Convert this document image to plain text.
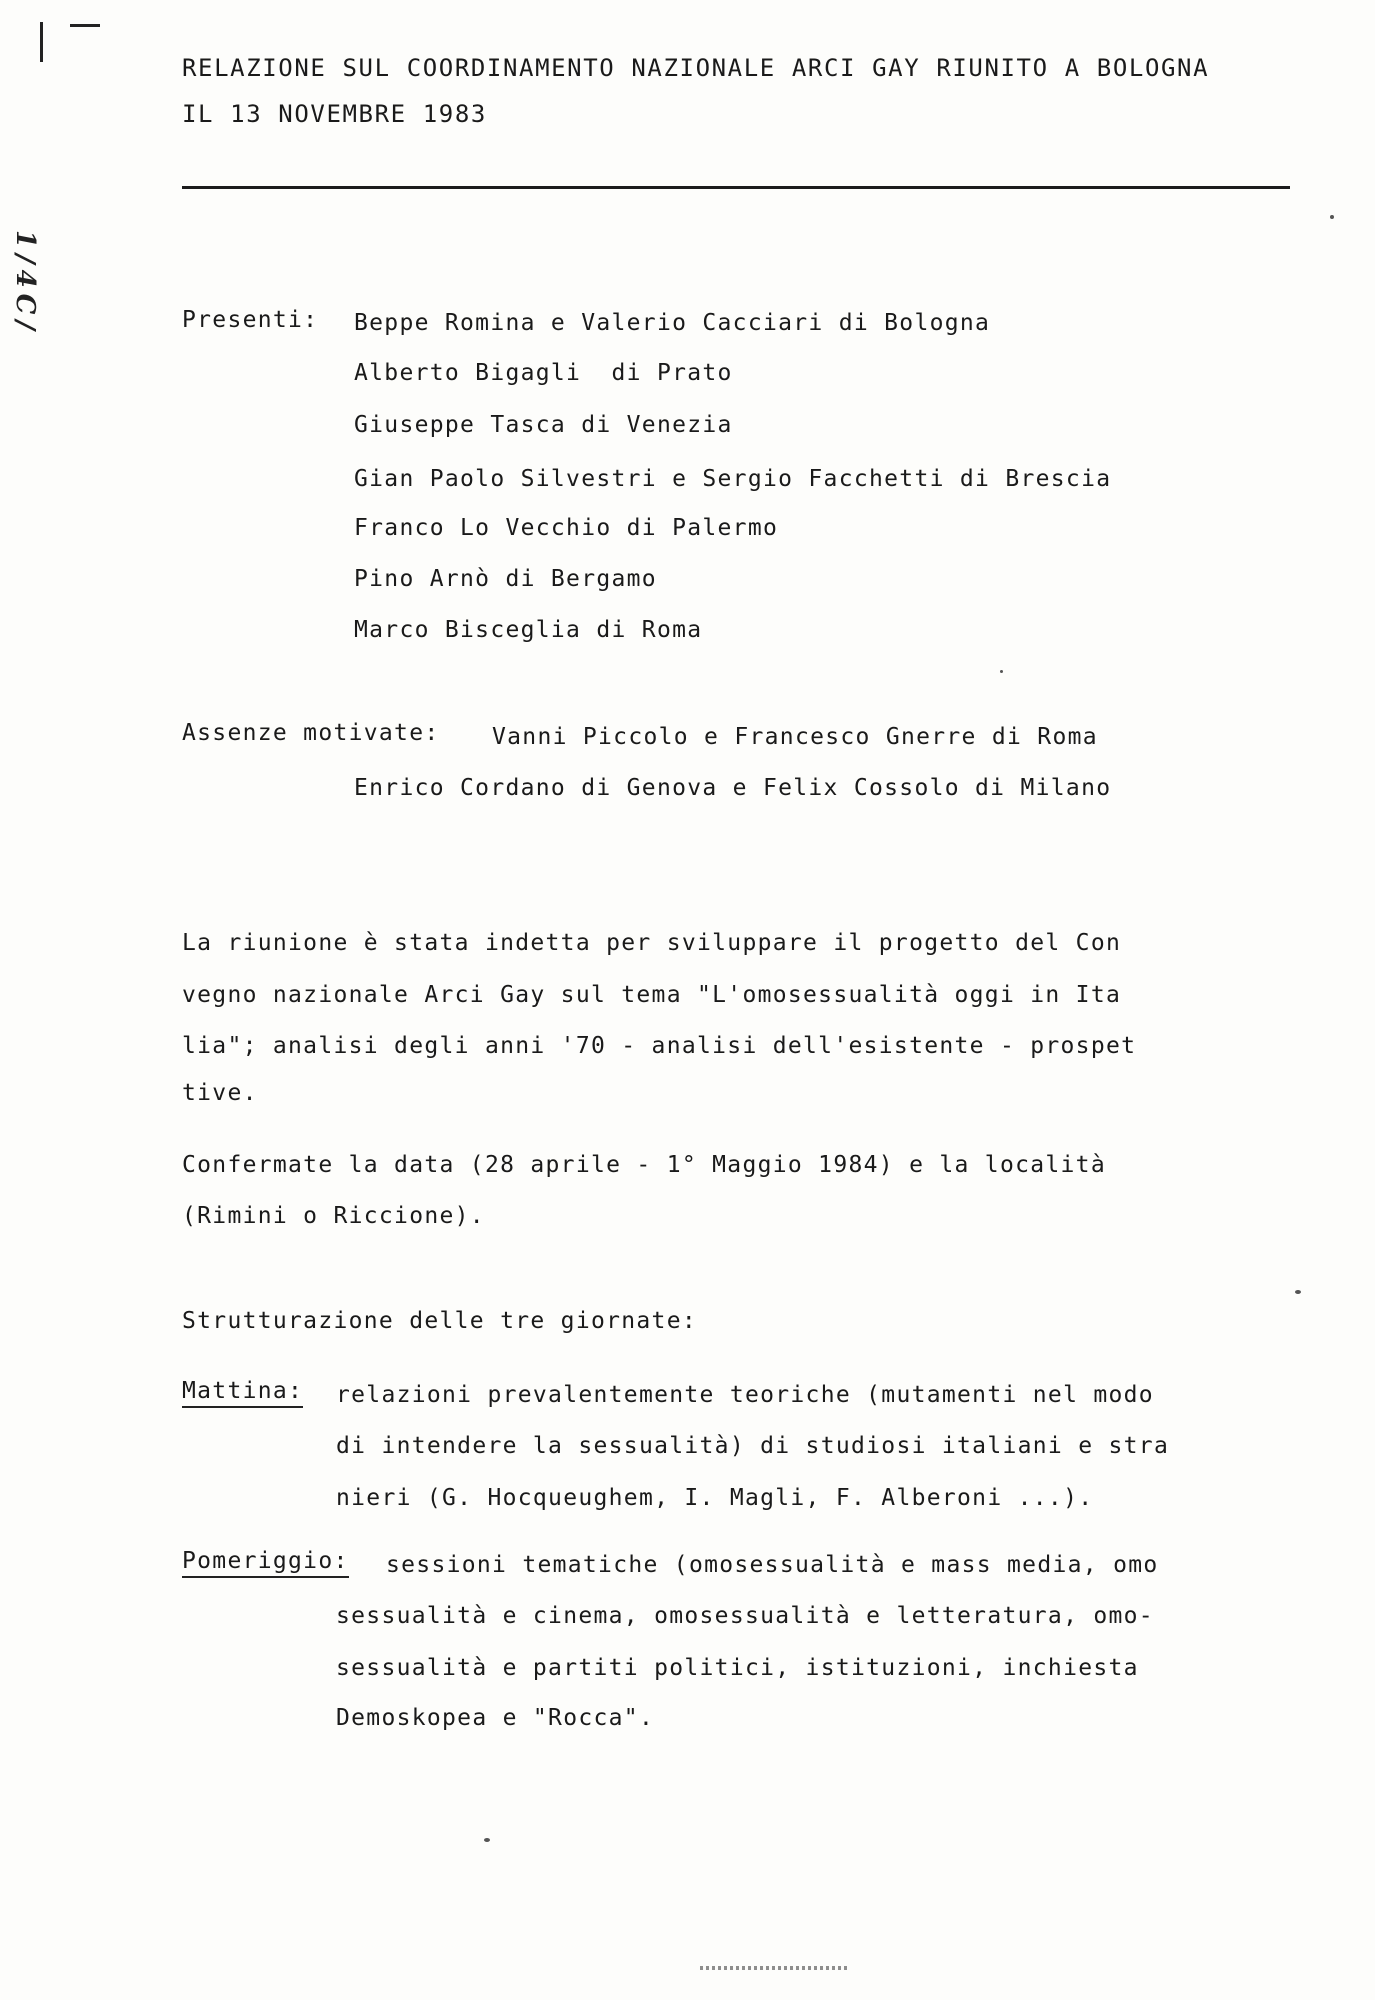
1/4C/
RELAZIONE SUL COORDINAMENTO NAZIONALE ARCI GAY RIUNITO A BOLOGNA
IL 13 NOVEMBRE 1983
Presenti: Beppe Romina e Valerio Cacciari di Bologna
Alberto Bigagli  di Prato
Giuseppe Tasca di Venezia
Gian Paolo Silvestri e Sergio Facchetti di Brescia
Franco Lo Vecchio di Palermo
Pino Arnò di Bergamo
Marco Bisceglia di Roma
Assenze motivate: Vanni Piccolo e Francesco Gnerre di Roma
Enrico Cordano di Genova e Felix Cossolo di Milano
La riunione è stata indetta per sviluppare il progetto del Con
vegno nazionale Arci Gay sul tema "L'omosessualità oggi in Ita
lia"; analisi degli anni '70 - analisi dell'esistente - prospet
tive.
Confermate la data (28 aprile - 1° Maggio 1984) e la località
(Rimini o Riccione).
Strutturazione delle tre giornate:
Mattina: relazioni prevalentemente teoriche (mutamenti nel modo
di intendere la sessualità) di studiosi italiani e stra
nieri (G. Hocqueughem, I. Magli, F. Alberoni ...).
Pomeriggio: sessioni tematiche (omosessualità e mass media, omo
sessualità e cinema, omosessualità e letteratura, omo-
sessualità e partiti politici, istituzioni, inchiesta
Demoskopea e "Rocca".
